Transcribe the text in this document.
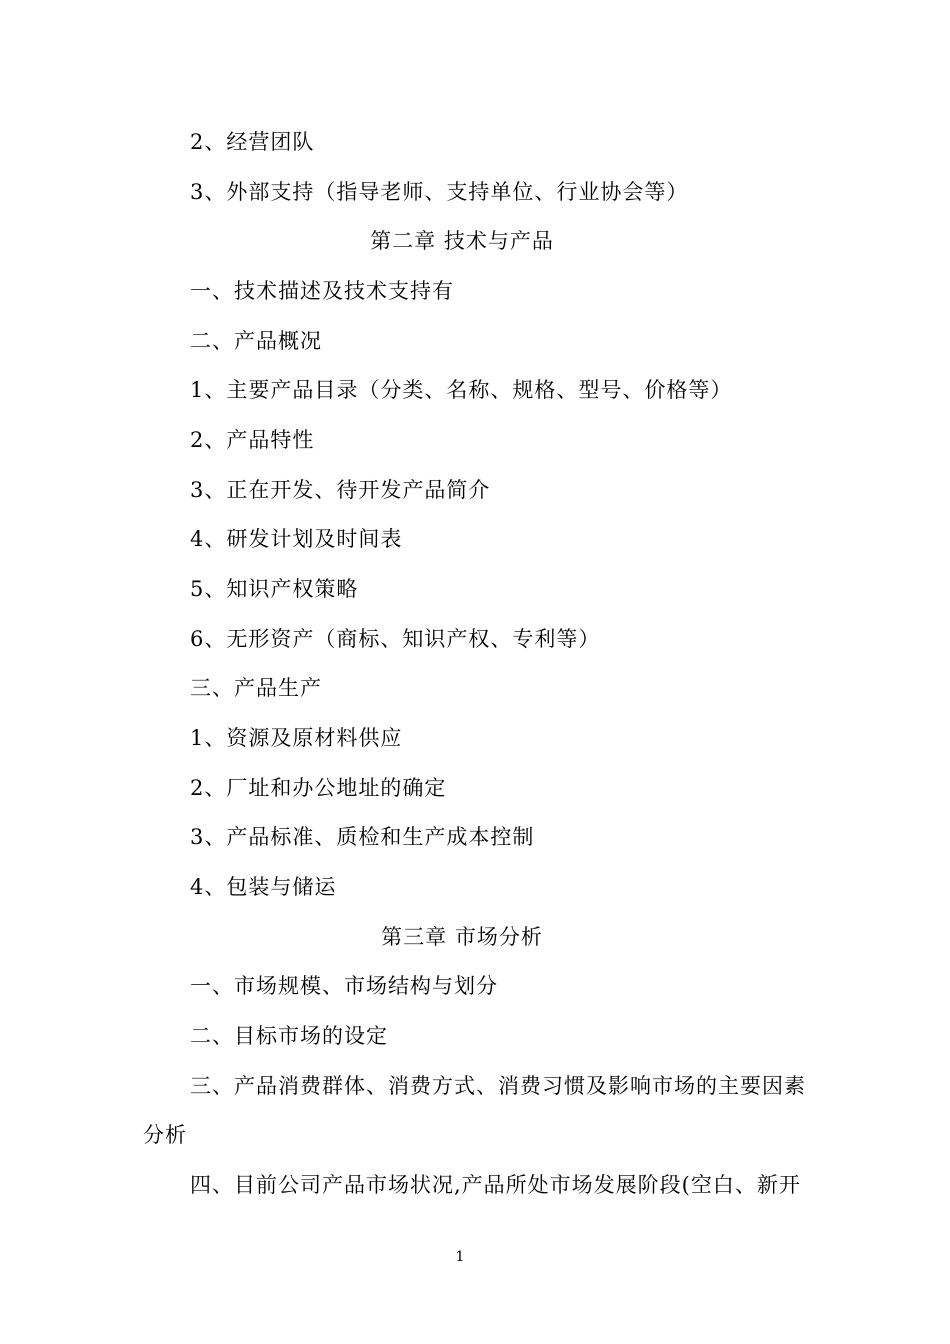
2、经营团队
3、外部支持（指导老师、支持单位、行业协会等）
第二章 技术与产品
一、技术描述及技术支持有
二、产品概况
1、主要产品目录（分类、名称、规格、型号、价格等）
2、产品特性
3、正在开发、待开发产品简介
4、研发计划及时间表
5、知识产权策略
6、无形资产（商标、知识产权、专利等）
三、产品生产
1、资源及原材料供应
2、厂址和办公地址的确定
3、产品标准、质检和生产成本控制
4、包装与储运
第三章 市场分析
一、市场规模、市场结构与划分
二、目标市场的设定
三、产品消费群体、消费方式、消费习惯及影响市场的主要因素
分析
四、目前公司产品市场状况,产品所处市场发展阶段(空白、新开
1
